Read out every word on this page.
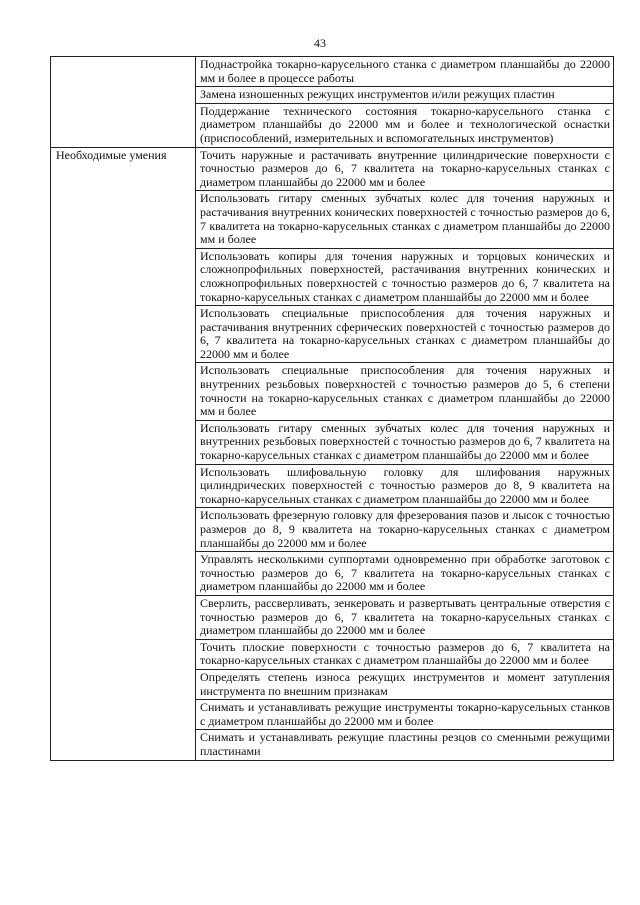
43
	Поднастройка токарно-карусельного станка с диаметром планшайбы до 22000 мм и более в процессе работы
	Замена изношенных режущих инструментов и/или режущих пластин
	Поддержание технического состояния токарно-карусельного станка с диаметром планшайбы до 22000 мм и более и технологической оснастки (приспособлений, измерительных и вспомогательных инструментов)
Необходимые умения	Точить наружные и растачивать внутренние цилиндрические поверхности с точностью размеров до 6, 7 квалитета на токарно-карусельных станках с диаметром планшайбы до 22000 мм и более
	Использовать гитару сменных зубчатых колес для точения наружных и растачивания внутренних конических поверхностей с точностью размеров до 6, 7 квалитета на токарно-карусельных станках с диаметром планшайбы до 22000 мм и более
	Использовать копиры для точения наружных и торцовых конических и сложнопрофильных поверхностей, растачивания внутренних конических и сложнопрофильных поверхностей с точностью размеров до 6, 7 квалитета на токарно-карусельных станках с диаметром планшайбы до 22000 мм и более
	Использовать специальные приспособления для точения наружных и растачивания внутренних сферических поверхностей с точностью размеров до 6, 7 квалитета на токарно-карусельных станках с диаметром планшайбы до 22000 мм и более
	Использовать специальные приспособления для точения наружных и внутренних резьбовых поверхностей с точностью размеров до 5, 6 степени точности на токарно-карусельных станках с диаметром планшайбы до 22000 мм и более
	Использовать гитару сменных зубчатых колес для точения наружных и внутренних резьбовых поверхностей с точностью размеров до 6, 7 квалитета на токарно-карусельных станках с диаметром планшайбы до 22000 мм и более
	Использовать шлифовальную головку для шлифования наружных цилиндрических поверхностей с точностью размеров до 8, 9 квалитета на токарно-карусельных станках с диаметром планшайбы до 22000 мм и более
	Использовать фрезерную головку для фрезерования пазов и лысок с точностью размеров до 8, 9 квалитета на токарно-карусельных станках с диаметром планшайбы до 22000 мм и более
	Управлять несколькими суппортами одновременно при обработке заготовок с точностью размеров до 6, 7 квалитета на токарно-карусельных станках с диаметром планшайбы до 22000 мм и более
	Сверлить, рассверливать, зенкеровать и развертывать центральные отверстия с точностью размеров до 6, 7 квалитета на токарно-карусельных станках с диаметром планшайбы до 22000 мм и более
	Точить плоские поверхности с точностью размеров до 6, 7 квалитета на токарно-карусельных станках с диаметром планшайбы до 22000 мм и более
	Определять степень износа режущих инструментов и момент затупления инструмента по внешним признакам
	Снимать и устанавливать режущие инструменты токарно-карусельных станков с диаметром планшайбы до 22000 мм и более
	Снимать и устанавливать режущие пластины резцов со сменными режущими пластинами
